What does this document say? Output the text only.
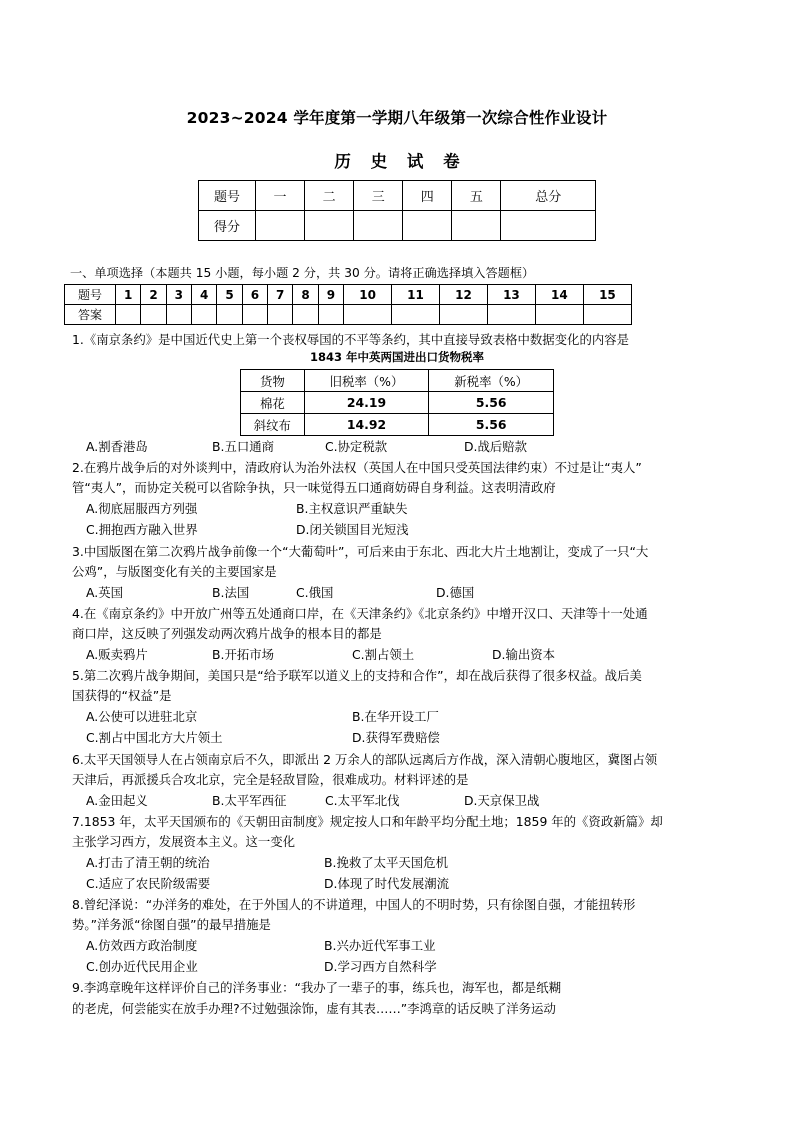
2023~2024 学年度第一学期八年级第一次综合性作业设计
历 史 试 卷
题号	一	二	三	四	五	总分
得分						
一、单项选择（本题共 15 小题，每小题 2 分，共 30 分。请将正确选择填入答题框）
题号	1	2	3	4	5	6	7	8	9	10	11	12	13	14	15
答案															
1.《南京条约》是中国近代史上第一个丧权辱国的不平等条约，其中直接导致表格中数据变化的内容是
1843 年中英两国进出口货物税率
货物	旧税率（%）	新税率（%）
棉花	24.19	5.56
斜纹布	14.92	5.56
A.割香港岛	B.五口通商	C.协定税款	D.战后赔款
2.在鸦片战争后的对外谈判中，清政府认为治外法权（英国人在中国只受英国法律约束）不过是让“夷人”
管“夷人”，而协定关税可以省除争执，只一味觉得五口通商妨碍自身利益。这表明清政府
A.彻底屈服西方列强	B.主权意识严重缺失
C.拥抱西方融入世界	D.闭关锁国目光短浅
3.中国版图在第二次鸦片战争前像一个“大葡萄叶”，可后来由于东北、西北大片土地割让，变成了一只“大
公鸡”，与版图变化有关的主要国家是
A.英国	B.法国	C.俄国	D.德国
4.在《南京条约》中开放广州等五处通商口岸，在《天津条约》《北京条约》中增开汉口、天津等十一处通
商口岸，这反映了列强发动两次鸦片战争的根本目的都是
A.贩卖鸦片	B.开拓市场	C.割占领土	D.输出资本
5.第二次鸦片战争期间，美国只是“给予联军以道义上的支持和合作”，却在战后获得了很多权益。战后美
国获得的“权益”是
A.公使可以进驻北京	B.在华开设工厂
C.割占中国北方大片领土	D.获得军费赔偿
6.太平天国领导人在占领南京后不久，即派出 2 万余人的部队远离后方作战，深入清朝心腹地区，冀图占领
天津后，再派援兵合攻北京，完全是轻敌冒险，很难成功。材料评述的是
A.金田起义	B.太平军西征	C.太平军北伐	D.天京保卫战
7.1853 年，太平天国颁布的《天朝田亩制度》规定按人口和年龄平均分配土地；1859 年的《资政新篇》却
主张学习西方，发展资本主义。这一变化
A.打击了清王朝的统治	B.挽救了太平天国危机
C.适应了农民阶级需要	D.体现了时代发展潮流
8.曾纪泽说：“办洋务的难处，在于外国人的不讲道理，中国人的不明时势，只有徐图自强，才能扭转形
势。”洋务派“徐图自强”的最早措施是
A.仿效西方政治制度	B.兴办近代军事工业
C.创办近代民用企业	D.学习西方自然科学
9.李鸿章晚年这样评价自己的洋务事业：“我办了一辈子的事，练兵也，海军也，都是纸糊
的老虎，何尝能实在放手办理?不过勉强涂饰，虚有其表……”李鸿章的话反映了洋务运动
